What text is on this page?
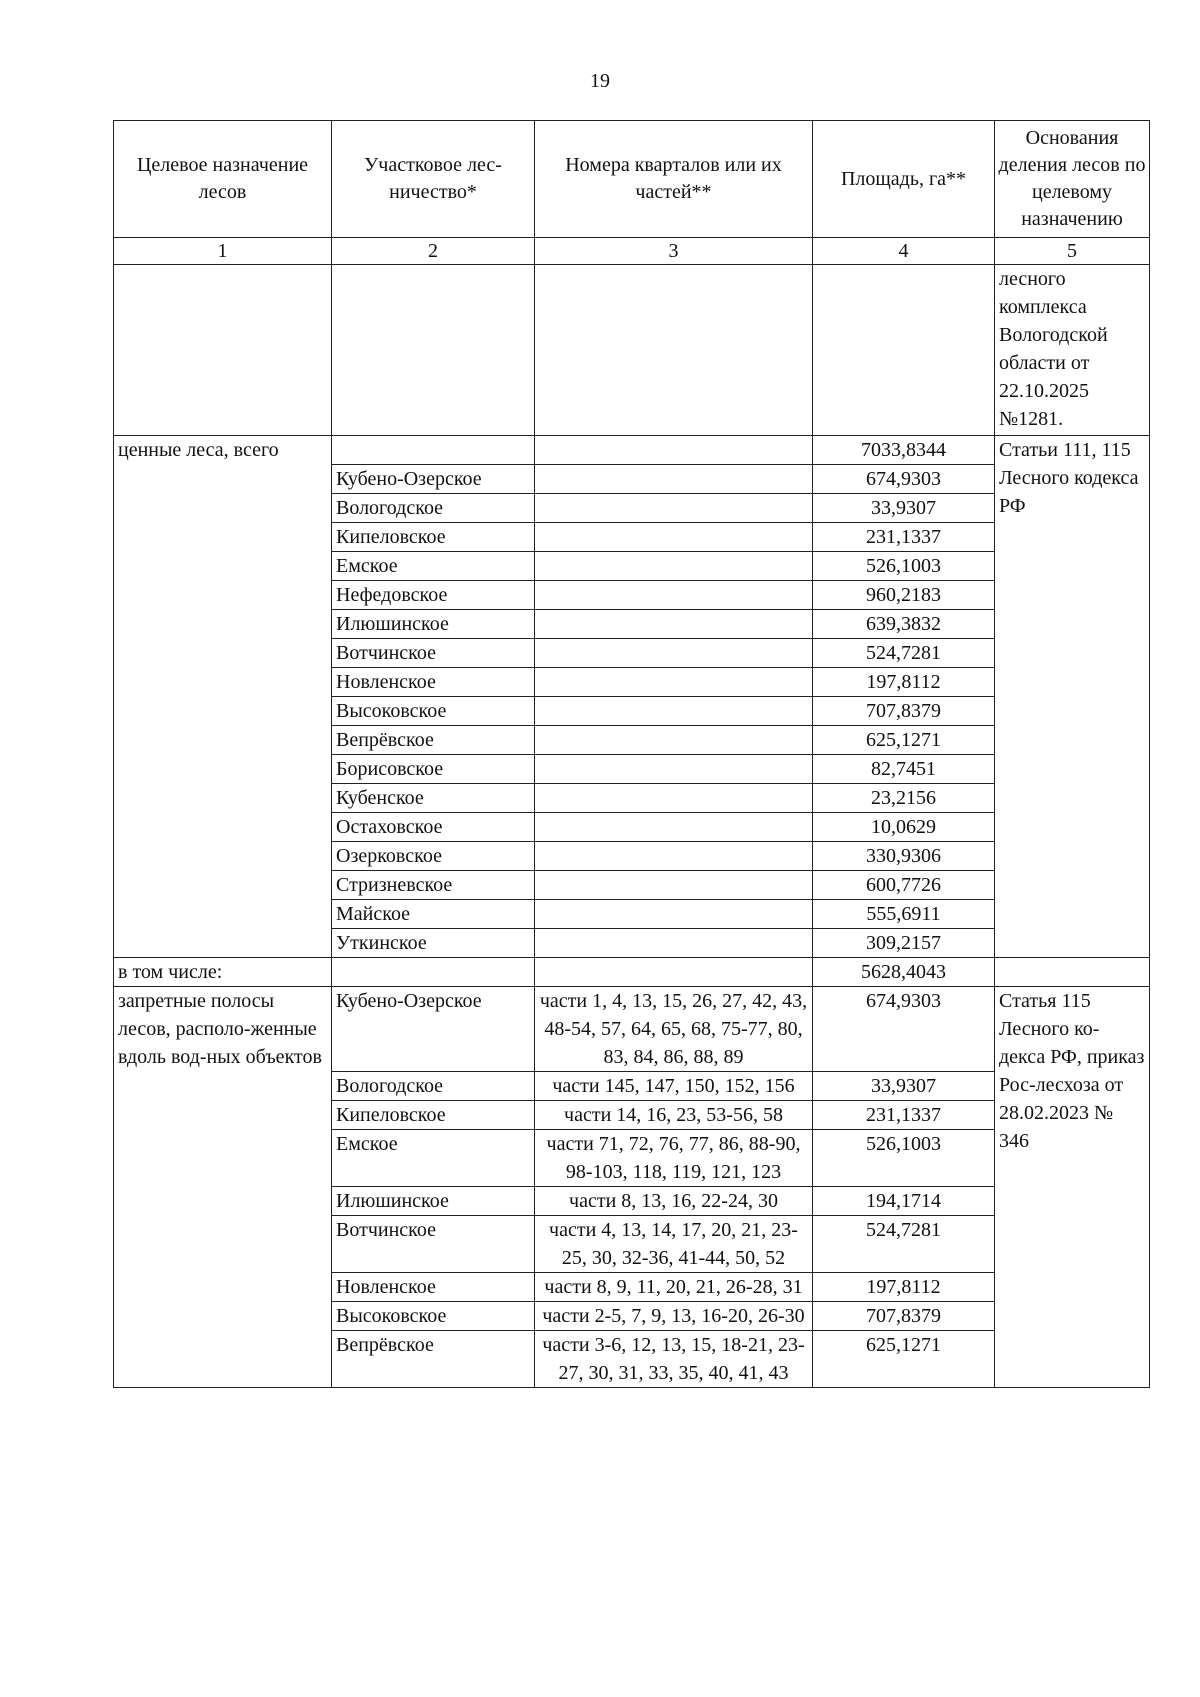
19
Целевое назначение лесов	Участковое лес-ничество*	Номера кварталов или их частей**	Площадь, га**	Основания деления лесов по целевому назначению
1	2	3	4	5
				лесного комплекса Вологодской области от 22.10.2025 №1281.
ценные леса, всего			7033,8344	Статьи 111, 115 Лесного кодекса РФ
	Кубено-Озерское		674,9303	
	Вологодское		33,9307	
	Кипеловское		231,1337	
	Емское		526,1003	
	Нефедовское		960,2183	
	Илюшинское		639,3832	
	Вотчинское		524,7281	
	Новленское		197,8112	
	Высоковское		707,8379	
	Вепрёвское		625,1271	
	Борисовское		82,7451	
	Кубенское		23,2156	
	Остаховское		10,0629	
	Озерковское		330,9306	
	Стризневское		600,7726	
	Майское		555,6911	
	Уткинское		309,2157	
в том числе:			5628,4043	
запретные полосы лесов, располо-женные вдоль вод-ных объектов	Кубено-Озерское	части 1, 4, 13, 15, 26, 27, 42, 43, 48-54, 57, 64, 65, 68, 75-77, 80, 83, 84, 86, 88, 89	674,9303	Статья 115 Лесного ко-декса РФ, приказ Рос-лесхоза от 28.02.2023 № 346
	Вологодское	части 145, 147, 150, 152, 156	33,9307	
	Кипеловское	части 14, 16, 23, 53-56, 58	231,1337	
	Емское	части 71, 72, 76, 77, 86, 88-90, 98-103, 118, 119, 121, 123	526,1003	
	Илюшинское	части 8, 13, 16, 22-24, 30	194,1714	
	Вотчинское	части 4, 13, 14, 17, 20, 21, 23-25, 30, 32-36, 41-44, 50, 52	524,7281	
	Новленское	части 8, 9, 11, 20, 21, 26-28, 31	197,8112	
	Высоковское	части 2-5, 7, 9, 13, 16-20, 26-30	707,8379	
	Вепрёвское	части 3-6, 12, 13, 15, 18-21, 23-27, 30, 31, 33, 35, 40, 41, 43	625,1271	
